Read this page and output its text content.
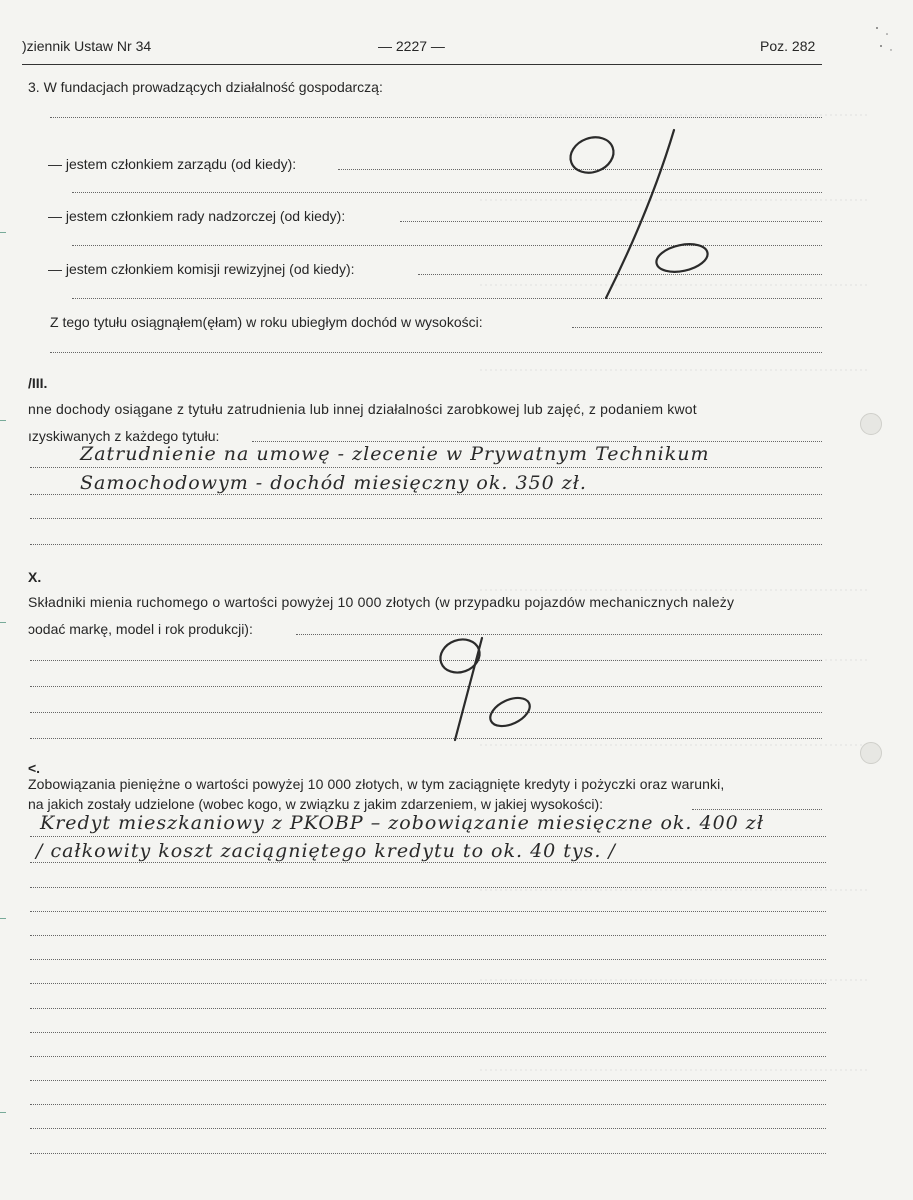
)ziennik Ustaw Nr 34	— 2227 —	Poz. 282
3. W fundacjach prowadzących działalność gospodarczą:
— jestem członkiem zarządu (od kiedy):
— jestem członkiem rady nadzorczej (od kiedy):
— jestem członkiem komisji rewizyjnej (od kiedy):
Z tego tytułu osiągnąłem(ęłam) w roku ubiegłym dochód w wysokości:
/III.
nne dochody osiągane z tytułu zatrudnienia lub innej działalności zarobkowej lub zajęć, z podaniem kwot
ızyskiwanych z każdego tytułu:
Zatrudnienie na umowę - zlecenie w Prywatnym Technikum
Samochodowym - dochód miesięczny ok. 350 zł.
X.
Składniki mienia ruchomego o wartości powyżej 10 000 złotych (w przypadku pojazdów mechanicznych należy
ɔodać markę, model i rok produkcji):
<.
Zobowiązania pieniężne o wartości powyżej 10 000 złotych, w tym zaciągnięte kredyty i pożyczki oraz warunki,
na jakich zostały udzielone (wobec kogo, w związku z jakim zdarzeniem, w jakiej wysokości):
Kredyt mieszkaniowy z PKOBP – zobowiązanie miesięczne ok. 400 zł
/ całkowity koszt zaciągniętego kredytu to ok. 40 tys. /
